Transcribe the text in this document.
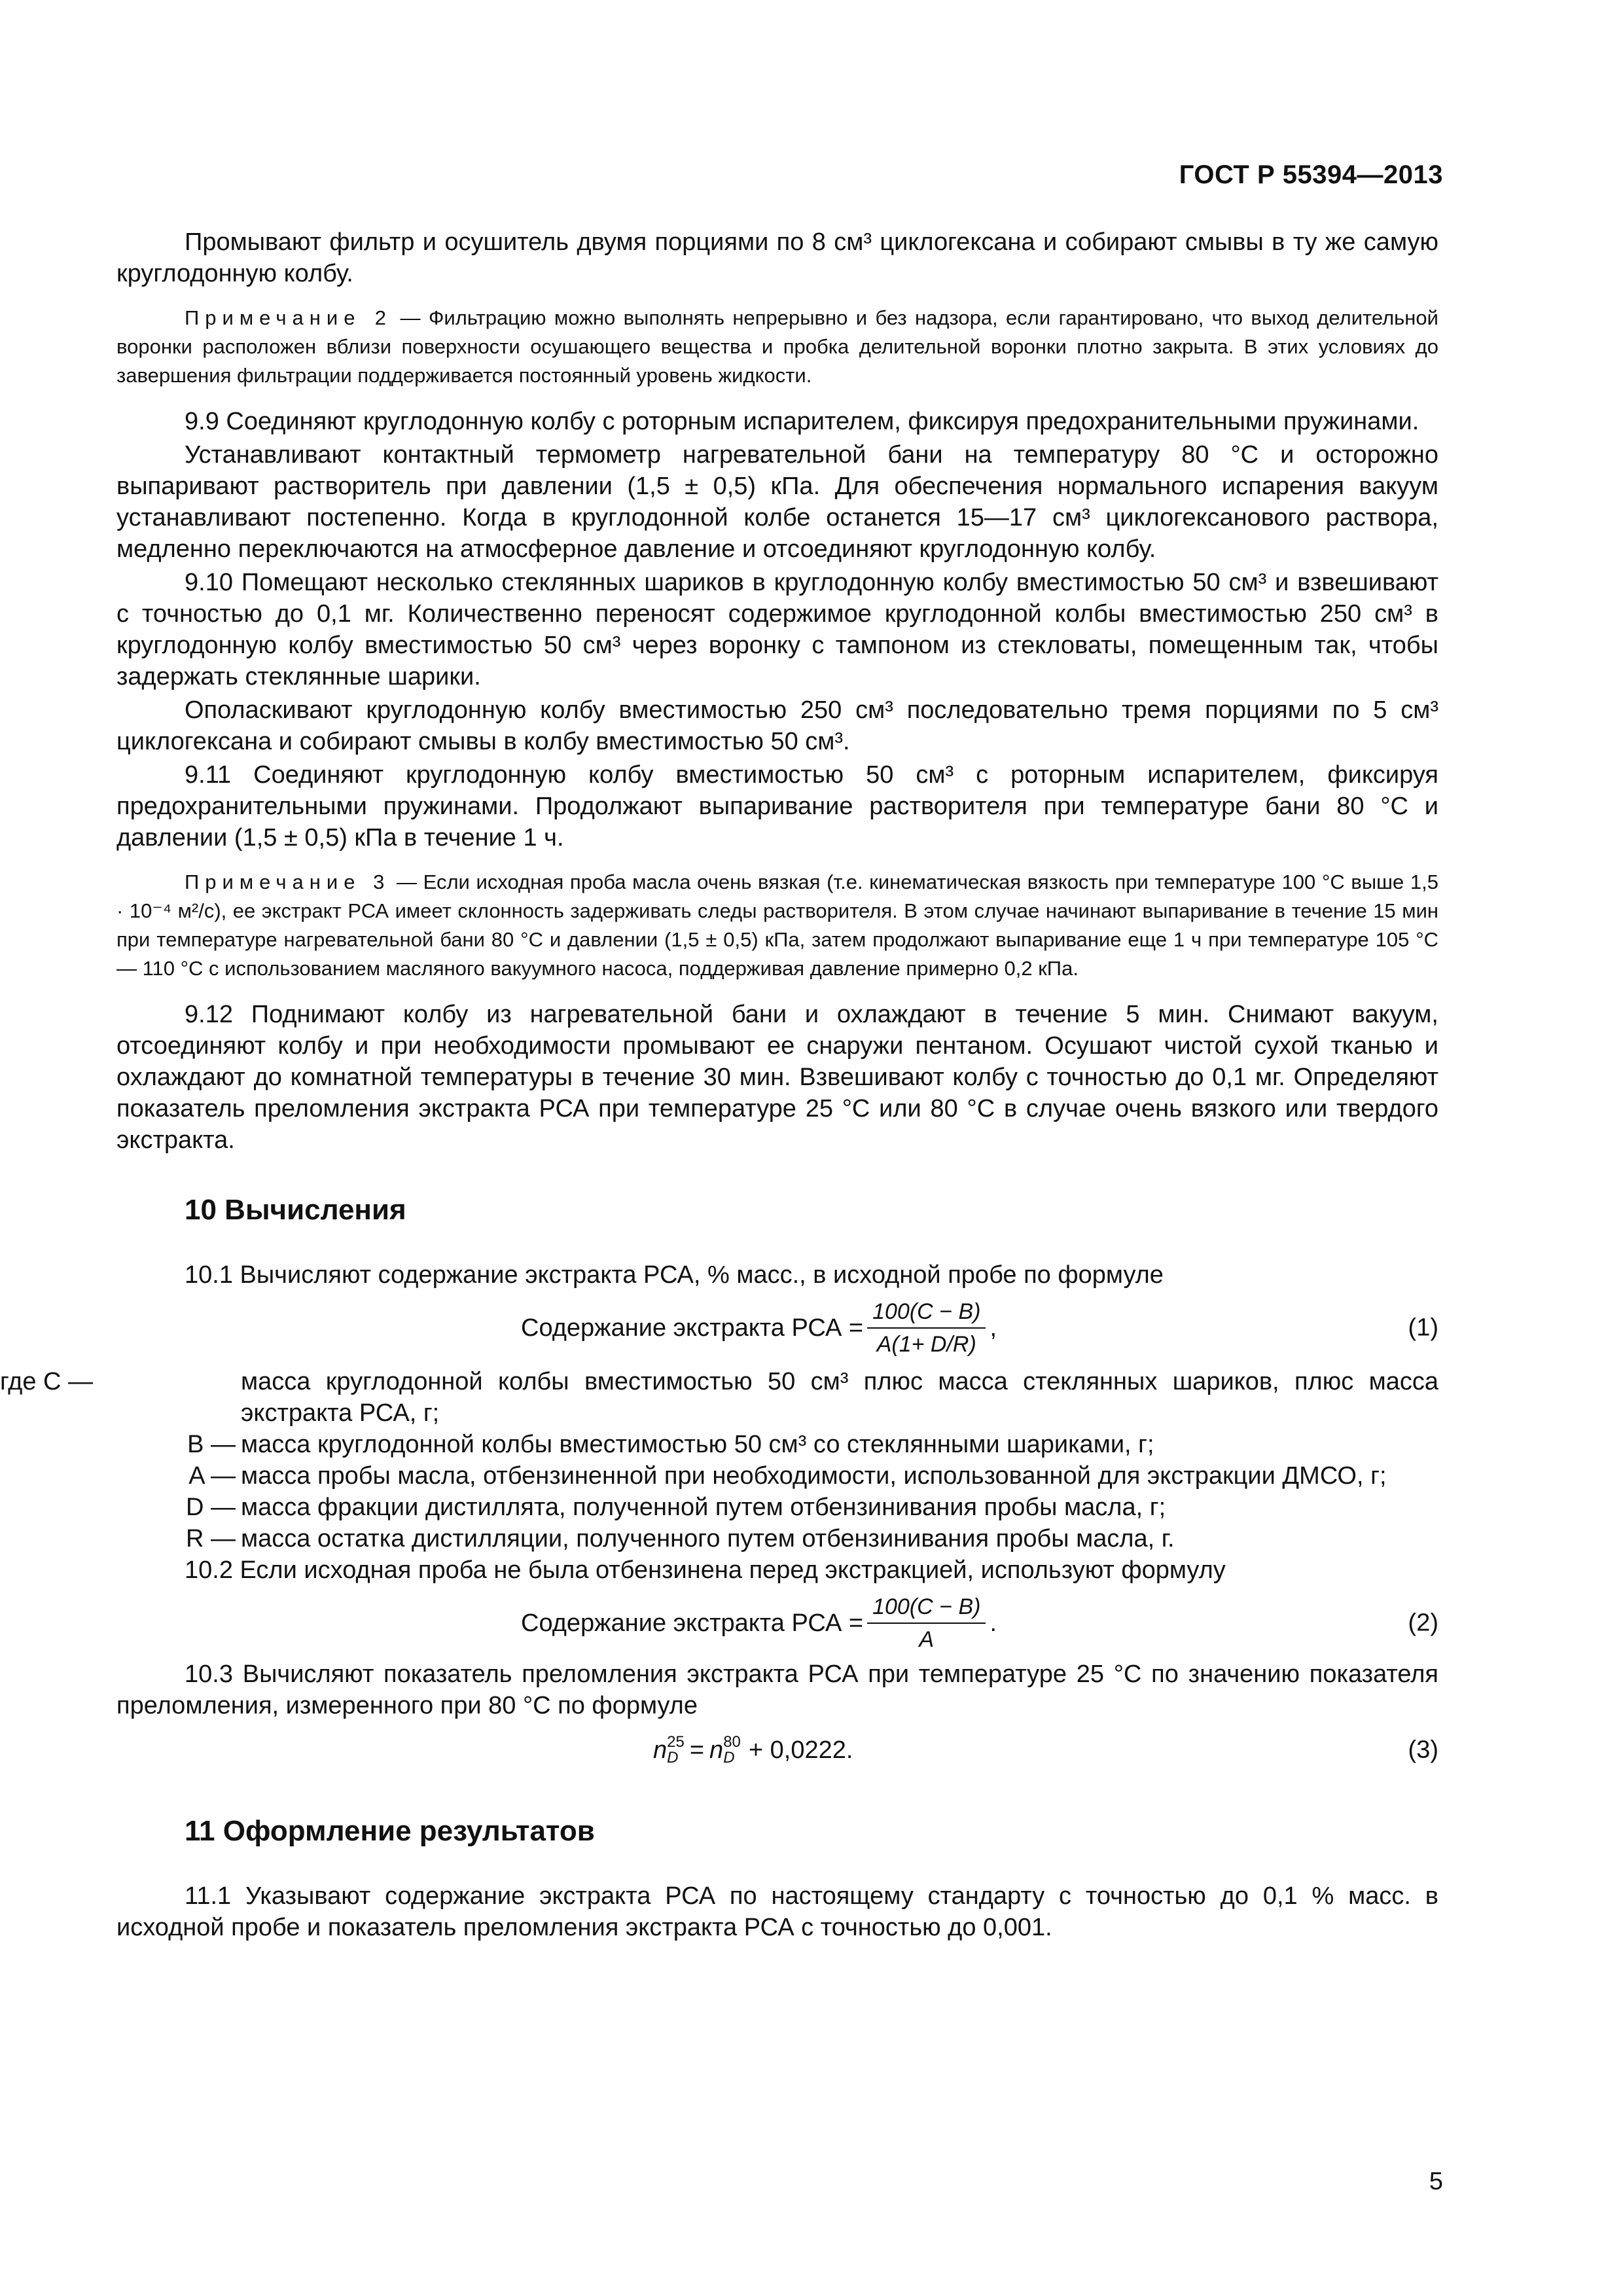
ГОСТ Р 55394—2013

Промывают фильтр и осушитель двумя порциями по 8 см³ циклогексана и собирают смывы в ту же самую круглодонную колбу.

Примечание 2 — Фильтрацию можно выполнять непрерывно и без надзора, если гарантировано, что выход делительной воронки расположен вблизи поверхности осушающего вещества и пробка делительной воронки плотно закрыта. В этих условиях до завершения фильтрации поддерживается постоянный уровень жидкости.

9.9 Соединяют круглодонную колбу с роторным испарителем, фиксируя предохранительными пружинами.

Устанавливают контактный термометр нагревательной бани на температуру 80 °С и осторожно выпаривают растворитель при давлении (1,5 ± 0,5) кПа. Для обеспечения нормального испарения вакуум устанавливают постепенно. Когда в круглодонной колбе останется 15—17 см³ циклогексанового раствора, медленно переключаются на атмосферное давление и отсоединяют круглодонную колбу.

9.10 Помещают несколько стеклянных шариков в круглодонную колбу вместимостью 50 см³ и взвешивают с точностью до 0,1 мг. Количественно переносят содержимое круглодонной колбы вместимостью 250 см³ в круглодонную колбу вместимостью 50 см³ через воронку с тампоном из стекловаты, помещенным так, чтобы задержать стеклянные шарики.

Ополаскивают круглодонную колбу вместимостью 250 см³ последовательно тремя порциями по 5 см³ циклогексана и собирают смывы в колбу вместимостью 50 см³.

9.11 Соединяют круглодонную колбу вместимостью 50 см³ с роторным испарителем, фиксируя предохранительными пружинами. Продолжают выпаривание растворителя при температуре бани 80 °С и давлении (1,5 ± 0,5) кПа в течение 1 ч.

Примечание 3 — Если исходная проба масла очень вязкая (т.е. кинематическая вязкость при температуре 100 °С выше 1,5 · 10⁻⁴ м²/с), ее экстракт РСА имеет склонность задерживать следы растворителя. В этом случае начинают выпаривание в течение 15 мин при температуре нагревательной бани 80 °С и давлении (1,5 ± 0,5) кПа, затем продолжают выпаривание еще 1 ч при температуре 105 °С — 110 °С с использованием масляного вакуумного насоса, поддерживая давление примерно 0,2 кПа.

9.12 Поднимают колбу из нагревательной бани и охлаждают в течение 5 мин. Снимают вакуум, отсоединяют колбу и при необходимости промывают ее снаружи пентаном. Осушают чистой сухой тканью и охлаждают до комнатной температуры в течение 30 мин. Взвешивают колбу с точностью до 0,1 мг. Определяют показатель преломления экстракта РСА при температуре 25 °С или 80 °С в случае очень вязкого или твердого экстракта.

10 Вычисления

10.1 Вычисляют содержание экстракта РСА, % масс., в исходной пробе по формуле

Содержание экстракта РСА = $\frac{100(C - B)}{A(1+ D/R)}$ ,	(1)
где C —	масса круглодонной колбы вместимостью 50 см³ плюс масса стеклянных шариков, плюс масса экстракта РСА, г;
B — масса круглодонной колбы вместимостью 50 см³ со стеклянными шариками, г;
A — масса пробы масла, отбензиненной при необходимости, использованной для экстракции ДМСО, г;
D — масса фракции дистиллята, полученной путем отбензинивания пробы масла, г;
R — масса остатка дистилляции, полученного путем отбензинивания пробы масла, г.

10.2 Если исходная проба не была отбензинена перед экстракцией, используют формулу

Содержание экстракта РСА = $\frac{100(C - B)}{A}$ .	(2)

10.3 Вычисляют показатель преломления экстракта РСА при температуре 25 °С по значению показателя преломления, измеренного при 80 °С по формуле

n 25
D = n 80
D + 0,0222.	(3)
11 Оформление результатов

11.1 Указывают содержание экстракта РСА по настоящему стандарту с точностью до 0,1 % масс. в исходной пробе и показатель преломления экстракта РСА с точностью до 0,001.

5
